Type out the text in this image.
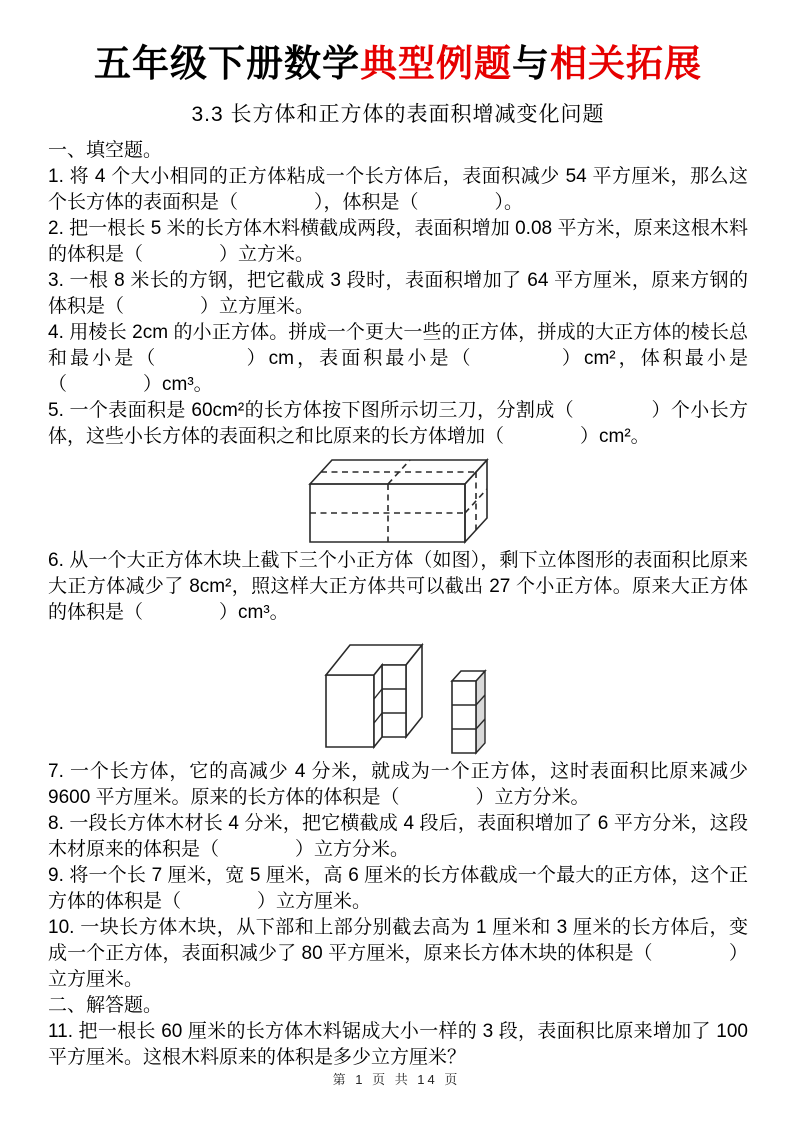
五年级下册数学典型例题与相关拓展
3.3 长方体和正方体的表面积增减变化问题

一、填空题。

1. 将 4 个大小相同的正方体粘成一个长方体后，表面积减少 54 平方厘米，那么这个长方体的表面积是（　　　　），体积是（　　　　）。

2. 把一根长 5 米的长方体木料横截成两段，表面积增加 0.08 平方米，原来这根木料的体积是（　　　　）立方米。

3. 一根 8 米长的方钢，把它截成 3 段时，表面积增加了 64 平方厘米，原来方钢的体积是（　　　　）立方厘米。

4. 用棱长 2cm 的小正方体。拼成一个更大一些的正方体，拼成的大正方体的棱长总和最小是（　　　　）cm，表面积最小是（　　　　）cm²，体积最小是（　　　　）cm³。

5. 一个表面积是 60cm²的长方体按下图所示切三刀，分割成（　　　　）个小长方体，这些小长方体的表面积之和比原来的长方体增加（　　　　）cm²。

6. 从一个大正方体木块上截下三个小正方体（如图），剩下立体图形的表面积比原来大正方体减少了 8cm²，照这样大正方体共可以截出 27 个小正方体。原来大正方体的体积是（　　　　）cm³。

7. 一个长方体，它的高减少 4 分米，就成为一个正方体，这时表面积比原来减少 9600 平方厘米。原来的长方体的体积是（　　　　）立方分米。

8. 一段长方体木材长 4 分米，把它横截成 4 段后，表面积增加了 6 平方分米，这段木材原来的体积是（　　　　）立方分米。

9. 将一个长 7 厘米，宽 5 厘米，高 6 厘米的长方体截成一个最大的正方体，这个正方体的体积是（　　　　）立方厘米。

10. 一块长方体木块，从下部和上部分别截去高为 1 厘米和 3 厘米的长方体后，变成一个正方体，表面积减少了 80 平方厘米，原来长方体木块的体积是（　　　　）立方厘米。

二、解答题。

11. 把一根长 60 厘米的长方体木料锯成大小一样的 3 段，表面积比原来增加了 100 平方厘米。这根木料原来的体积是多少立方厘米？

第 1 页 共 14 页
